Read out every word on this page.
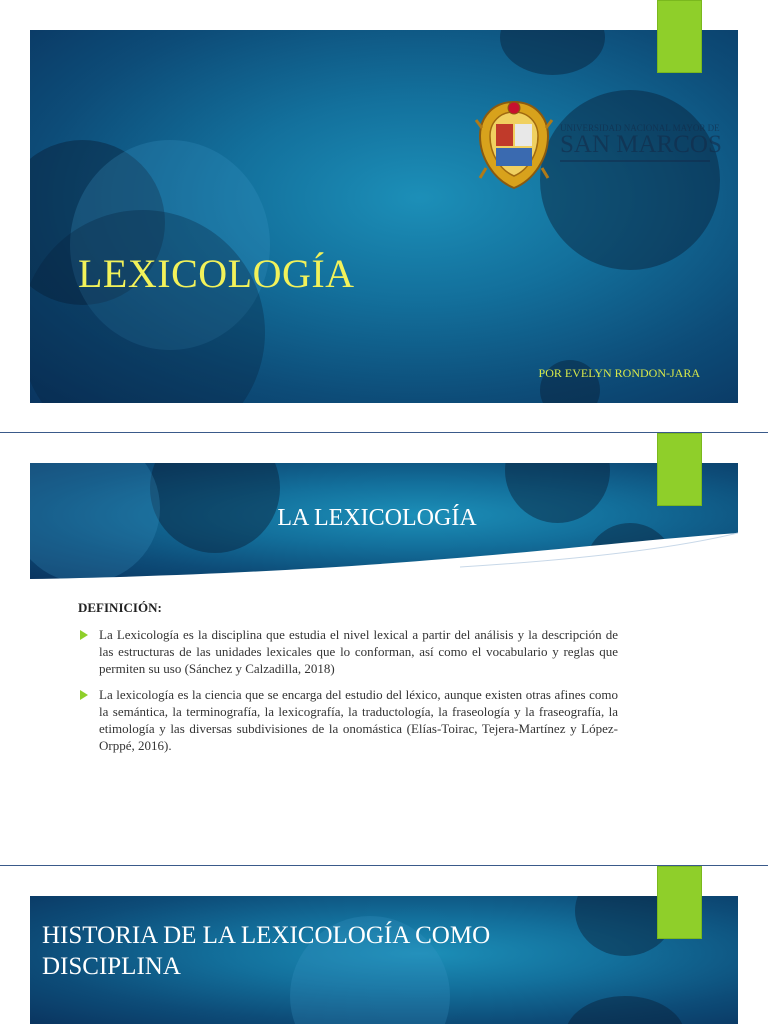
UNIVERSIDAD NACIONAL MAYOR DE
SAN MARCOS
LEXICOLOGÍA
POR EVELYN RONDON-JARA
LA LEXICOLOGÍA
DEFINICIÓN:
La Lexicología es la disciplina que estudia el nivel lexical a partir del análisis y la descripción de las estructuras de las unidades lexicales que lo conforman, así como el vocabulario y reglas que permiten su uso (Sánchez y Calzadilla, 2018)
La lexicología es la ciencia que se encarga del estudio del léxico, aunque existen otras afines como la semántica, la terminografía, la lexicografía, la traductología, la fraseología y la fraseografía, la etimología y las diversas subdivisiones de la onomástica (Elías-Toirac, Tejera-Martínez y López-Orppé, 2016).
HISTORIA DE LA LEXICOLOGÍA COMO
DISCIPLINA
